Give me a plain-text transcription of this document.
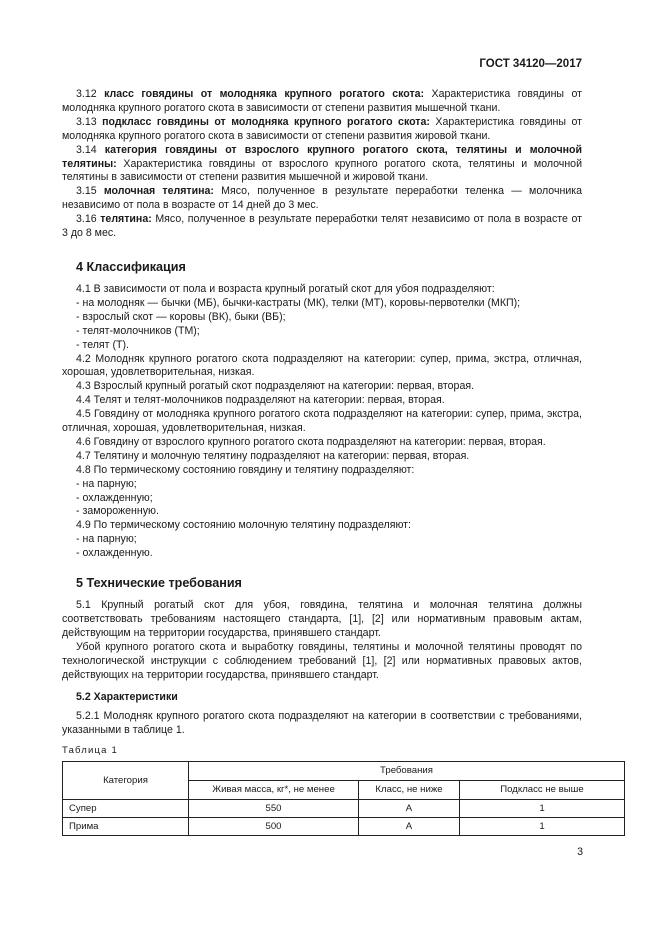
ГОСТ 34120—2017

3.12 класс говядины от молодняка крупного рогатого скота: Характеристика говядины от молодняка крупного рогатого скота в зависимости от степени развития мышечной ткани.

3.13 подкласс говядины от молодняка крупного рогатого скота: Характеристика говядины от молодняка крупного рогатого скота в зависимости от степени развития жировой ткани.

3.14 категория говядины от взрослого крупного рогатого скота, телятины и молочной телятины: Характеристика говядины от взрослого крупного рогатого скота, телятины и молочной телятины в зависимости от степени развития мышечной и жировой ткани.

3.15 молочная телятина: Мясо, полученное в результате переработки теленка — молочника независимо от пола в возрасте от 14 дней до 3 мес.

3.16 телятина: Мясо, полученное в результате переработки телят независимо от пола в возрасте от 3 до 8 мес.

4 Классификация

4.1 В зависимости от пола и возраста крупный рогатый скот для убоя подразделяют:

- на молодняк — бычки (МБ), бычки-кастраты (МК), телки (МТ), коровы-первотелки (МКП);

- взрослый скот — коровы (ВК), быки (ВБ);

- телят-молочников (ТМ);

- телят (Т).

4.2 Молодняк крупного рогатого скота подразделяют на категории: супер, прима, экстра, отличная, хорошая, удовлетворительная, низкая.

4.3 Взрослый крупный рогатый скот подразделяют на категории: первая, вторая.

4.4 Телят и телят-молочников подразделяют на категории: первая, вторая.

4.5 Говядину от молодняка крупного рогатого скота подразделяют на категории: супер, прима, экстра, отличная, хорошая, удовлетворительная, низкая.

4.6 Говядину от взрослого крупного рогатого скота подразделяют на категории: первая, вторая.

4.7 Телятину и молочную телятину подразделяют на категории: первая, вторая.

4.8 По термическому состоянию говядину и телятину подразделяют:

- на парную;

- охлажденную;

- замороженную.

4.9 По термическому состоянию молочную телятину подразделяют:

- на парную;

- охлажденную.

5 Технические требования

5.1 Крупный рогатый скот для убоя, говядина, телятина и молочная телятина должны соответствовать требованиям настоящего стандарта, [1], [2] или нормативным правовым актам, действующим на территории государства, принявшего стандарт.

Убой крупного рогатого скота и выработку говядины, телятины и молочной телятины проводят по технологической инструкции с соблюдением требований [1], [2] или нормативных правовых актов, действующих на территории государства, принявшего стандарт.

5.2 Характеристики

5.2.1 Молодняк крупного рогатого скота подразделяют на категории в соответствии с требованиями, указанными в таблице 1.

Таблица 1
Категория	Требования		
	Живая масса, кг*, не менее	Класс, не ниже	Подкласс не выше
Супер	550	А	1
Прима	500	А	1
3
